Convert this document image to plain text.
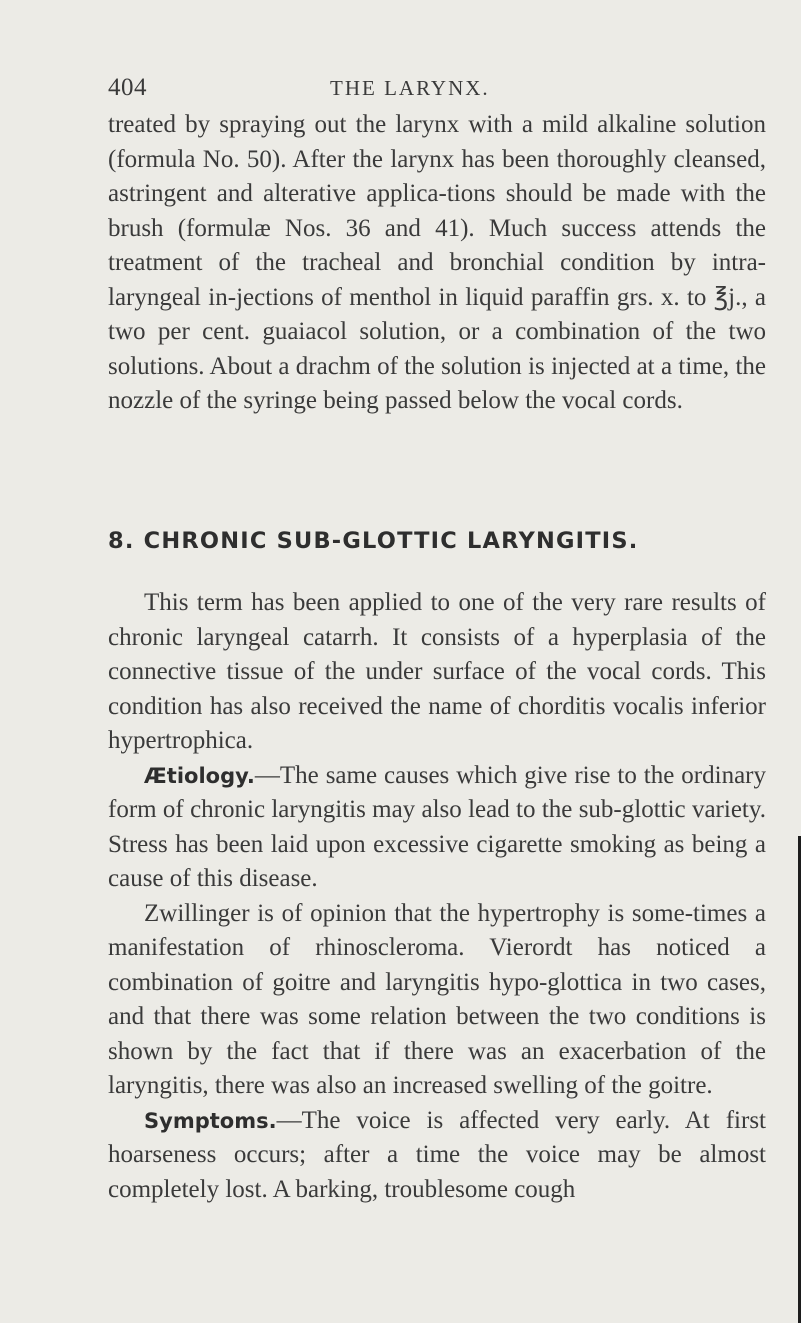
404	THE LARYNX.

treated by spraying out the larynx with a mild alkaline solution (formula No. 50). After the larynx has been thoroughly cleansed, astringent and alterative applica-tions should be made with the brush (formulæ Nos. 36 and 41). Much success attends the treatment of the tracheal and bronchial condition by intra-laryngeal in-jections of menthol in liquid paraffin grs. x. to ℥j., a two per cent. guaiacol solution, or a combination of the two solutions. About a drachm of the solution is injected at a time, the nozzle of the syringe being passed below the vocal cords.

8. CHRONIC SUB-GLOTTIC LARYNGITIS.

This term has been applied to one of the very rare results of chronic laryngeal catarrh. It consists of a hyperplasia of the connective tissue of the under surface of the vocal cords. This condition has also received the name of chorditis vocalis inferior hypertrophica.

Ætiology.—The same causes which give rise to the ordinary form of chronic laryngitis may also lead to the sub-glottic variety. Stress has been laid upon excessive cigarette smoking as being a cause of this disease.

Zwillinger is of opinion that the hypertrophy is some-times a manifestation of rhinoscleroma. Vierordt has noticed a combination of goitre and laryngitis hypo-glottica in two cases, and that there was some relation between the two conditions is shown by the fact that if there was an exacerbation of the laryngitis, there was also an increased swelling of the goitre.

Symptoms.—The voice is affected very early. At first hoarseness occurs; after a time the voice may be almost completely lost. A barking, troublesome cough
